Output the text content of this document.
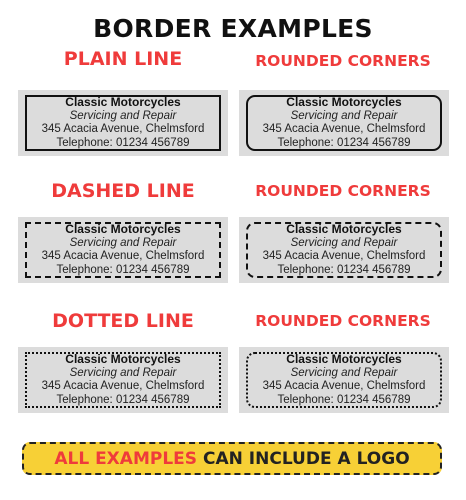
BORDER EXAMPLES
PLAIN LINE	ROUNDED CORNERS
Classic Motorcycles
Servicing and Repair
345 Acacia Avenue, Chelmsford
Telephone: 01234 456789
Classic Motorcycles
Servicing and Repair
345 Acacia Avenue, Chelmsford
Telephone: 01234 456789
DASHED LINE	ROUNDED CORNERS
Classic Motorcycles
Servicing and Repair
345 Acacia Avenue, Chelmsford
Telephone: 01234 456789
Classic Motorcycles
Servicing and Repair
345 Acacia Avenue, Chelmsford
Telephone: 01234 456789
DOTTED LINE	ROUNDED CORNERS
Classic Motorcycles
Servicing and Repair
345 Acacia Avenue, Chelmsford
Telephone: 01234 456789
Classic Motorcycles
Servicing and Repair
345 Acacia Avenue, Chelmsford
Telephone: 01234 456789
ALL EXAMPLES CAN INCLUDE A LOGO
